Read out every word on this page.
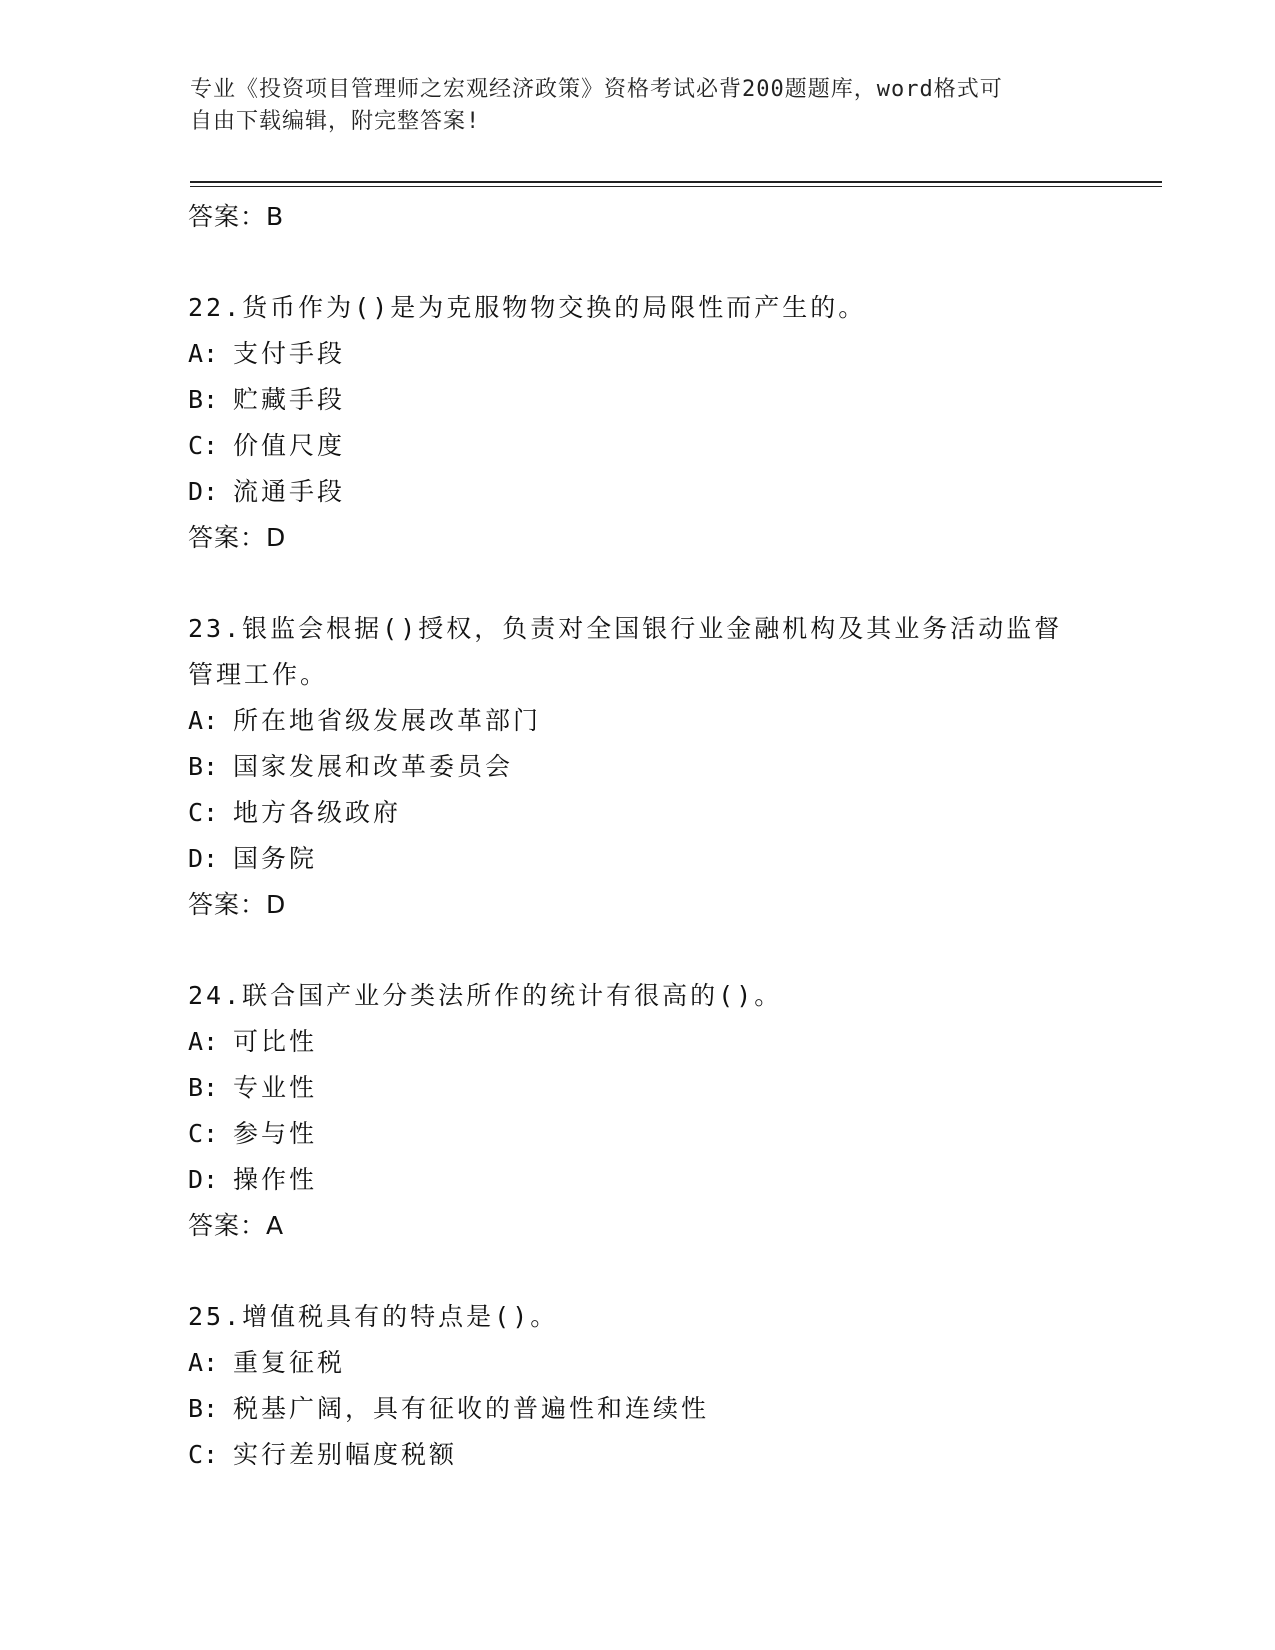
专业《投资项目管理师之宏观经济政策》资格考试必背200题题库，word格式可
自由下载编辑，附完整答案!
答案：B
22.货币作为()是为克服物物交换的局限性而产生的。
A: 支付手段
B: 贮藏手段
C: 价值尺度
D: 流通手段
答案：D
23.银监会根据()授权，负责对全国银行业金融机构及其业务活动监督
管理工作。
A: 所在地省级发展改革部门
B: 国家发展和改革委员会
C: 地方各级政府
D: 国务院
答案：D
24.联合国产业分类法所作的统计有很高的()。
A: 可比性
B: 专业性
C: 参与性
D: 操作性
答案：A
25.增值税具有的特点是()。
A: 重复征税
B: 税基广阔，具有征收的普遍性和连续性
C: 实行差别幅度税额
